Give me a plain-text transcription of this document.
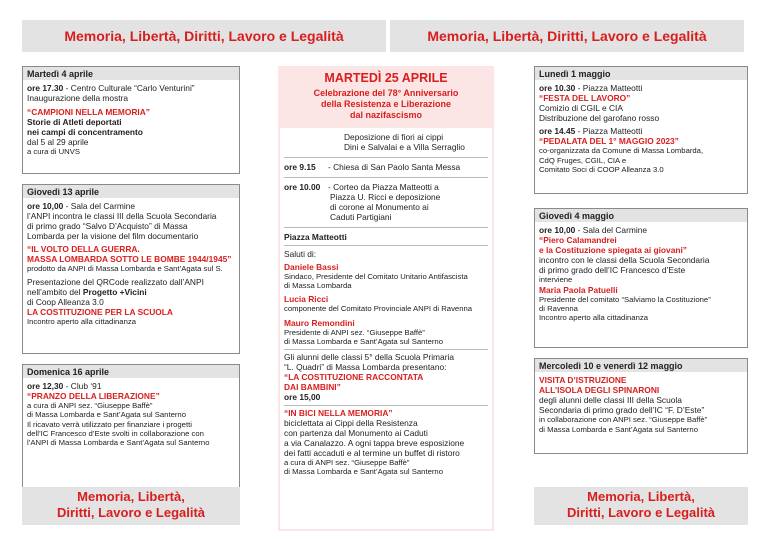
Memoria, Libertà, Diritti, Lavoro e Legalità	Memoria, Libertà, Diritti, Lavoro e Legalità
Martedì 4 aprile
ore 17.30 - Centro Culturale “Carlo Venturini”
Inaugurazione della mostra
“CAMPIONI NELLA MEMORIA”
Storie di Atleti deportati
nei campi di concentramento
dal 5 al 29 aprile
a cura di UNVS
Giovedì 13 aprile
ore 10,00 - Sala del Carmine
l’ANPI incontra le classi III della Scuola Secondaria
di primo grado “Salvo D’Acquisto” di Massa
Lombarda per la visione del film documentario
“IL VOLTO DELLA GUERRA.
MASSA LOMBARDA SOTTO LE BOMBE 1944/1945”
prodotto da ANPI di Massa Lombarda e Sant’Agata sul S.
Presentazione del QRCode realizzato dall’ANPI
nell’ambito del Progetto +Vicini
di Coop Alleanza 3.0
LA COSTITUZIONE PER LA SCUOLA
Incontro aperto alla cittadinanza
Domenica 16 aprile
ore 12,30 - Club ‘91
“PRANZO DELLA LIBERAZIONE”
a cura di ANPI sez. “Giuseppe Baffè”
di Massa Lombarda e Sant’Agata sul Santerno
Il ricavato verrà utilizzato per finanziare i progetti
dell’IC Francesco d’Este svolti in collaborazione con
l’ANPI di Massa Lombarda e Sant’Agata sul Santerno
Memoria, Libertà,
Diritti, Lavoro e Legalità
MARTEDÌ 25 APRILE
Celebrazione del 78° Anniversario
della Resistenza e Liberazione
dal nazifascismo
Deposizione di fiori ai cippi
Dini e Salvalai e a Villa Serraglio
ore 9.15	- Chiesa di San Paolo Santa Messa
ore 10.00 - Corteo da Piazza Matteotti a
Piazza U. Ricci e deposizione
di corone al Monumento ai
Caduti Partigiani
Piazza Matteotti
Saluti di:
Daniele Bassi
Sindaco, Presidente del Comitato Unitario Antifascista
di Massa Lombarda
Lucia Ricci
componente del Comitato Provinciale ANPI di Ravenna
Mauro Remondini
Presidente di ANPI sez. “Giuseppe Baffè”
di Massa Lombarda e Sant’Agata sul Santerno
Gli alunni delle classi 5° della Scuola Primaria
“L. Quadri” di Massa Lombarda presentano:
“LA COSTITUZIONE RACCONTATA
DAI BAMBINI”
ore 15,00
“IN BICI NELLA MEMORIA”
biciclettata ai Cippi della Resistenza
con partenza dal Monumento ai Caduti
a via Canalazzo. A ogni tappa breve esposizione
dei fatti accaduti e al termine un buffet di ristoro
a cura di ANPI sez. “Giuseppe Baffè”
di Massa Lombarda e Sant’Agata sul Santerno
Lunedì 1 maggio
ore 10.30 - Piazza Matteotti
“FESTA DEL LAVORO”
Comizio di CGIL e CIA
Distribuzione del garofano rosso
ore 14.45 - Piazza Matteotti
“PEDALATA DEL 1° MAGGIO 2023”
co-organizzata da Comune di Massa Lombarda,
CdQ Fruges, CGIL, CIA e
Comitato Soci di COOP Alleanza 3.0
Giovedì 4 maggio
ore 10,00 - Sala del Carmine
“Piero Calamandrei
e la Costituzione spiegata ai giovani”
incontro con le classi della Scuola Secondaria
di primo grado dell’IC Francesco d’Este
interviene
Maria Paola Patuelli
Presidente del comitato “Salviamo la Costituzione”
di Ravenna
Incontro aperto alla cittadinanza
Mercoledì 10 e venerdì 12 maggio
VISITA D’ISTRUZIONE
ALL’ISOLA DEGLI SPINARONI
degli alunni delle classi III della Scuola
Secondaria di primo grado dell’IC “F. D’Este”
in collaborazione con ANPI sez. “Giuseppe Baffè”
di Massa Lombarda e Sant’Agata sul Santerno
Memoria, Libertà,
Diritti, Lavoro e Legalità
